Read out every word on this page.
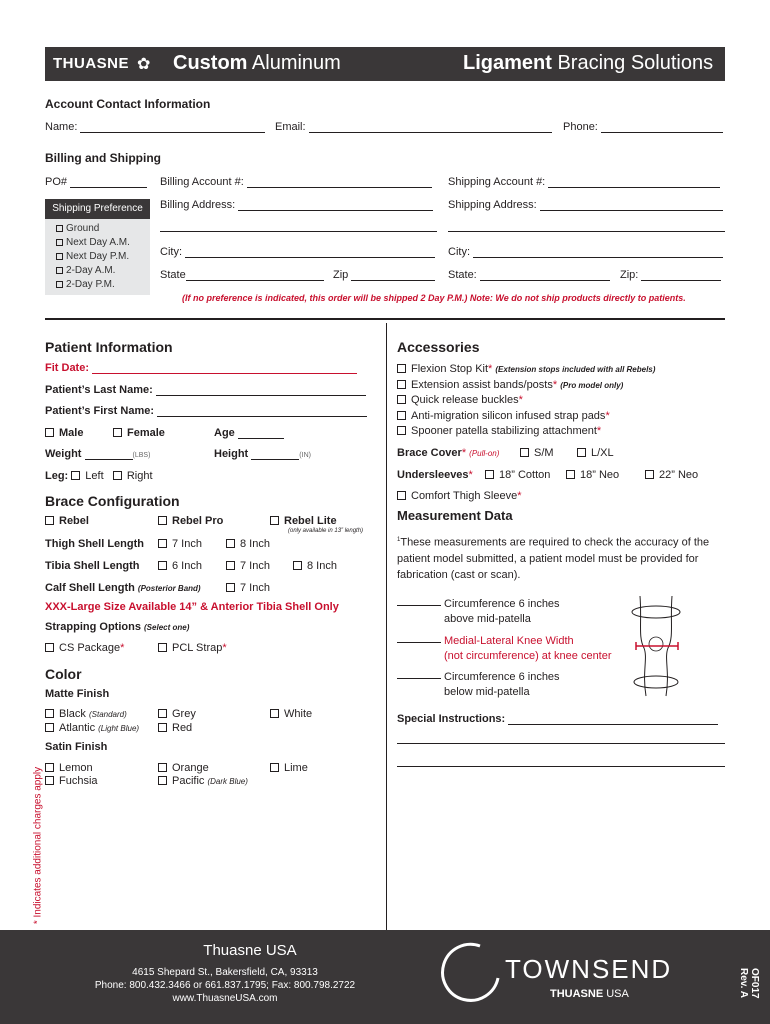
THUASNE ✿ Custom Aluminum	Ligament Bracing Solutions
Account Contact Information
Name:	Email:	Phone:
Billing and Shipping
PO#	Billing Account #:	Shipping Account #:
Billing Address:	Shipping Address:
City:	City:
State	Zip	State:	Zip:
Shipping Preference
Ground
Next Day A.M.
Next Day P.M.
2-Day A.M.
2-Day P.M.
(If no preference is indicated, this order will be shipped 2 Day P.M.) Note: We do not ship products directly to patients.
Patient Information
Fit Date:
Patient’s Last Name:
Patient’s First Name:
Male	Female	Age
Weight	(LBS)	Height	(IN)
Leg: Left Right
Brace Configuration
Rebel	Rebel Pro	Rebel Lite
(only available in 13” length)
Thigh Shell Length	7 Inch	8 Inch
Tibia Shell Length	6 Inch	7 Inch	8 Inch
Calf Shell Length (Posterior Band)	7 Inch
XXX-Large Size Available 14” & Anterior Tibia Shell Only
Strapping Options (Select one)
CS Package*	PCL Strap*
Color
Matte Finish
Black (Standard)	Grey	White
Atlantic (Light Blue)	Red
Satin Finish
Lemon	Orange	Lime
Fuchsia	Pacific (Dark Blue)
* Indicates additional charges apply
Accessories
Flexion Stop Kit* (Extension stops included with all Rebels)
Extension assist bands/posts* (Pro model only)
Quick release buckles*
Anti-migration silicon infused strap pads*
Spooner patella stabilizing attachment*
Brace Cover* (Pull-on)	S/M	L/XL
Undersleeves*	18” Cotton	18” Neo	22” Neo
Comfort Thigh Sleeve*
Measurement Data
$^1$These measurements are required to check the accuracy of the patient model submitted, a patient model must be provided for fabrication (cast or scan).
Circumference 6 inches
above mid-patella
Medial-Lateral Knee Width
(not circumference) at knee center
Circumference 6 inches
below mid-patella
Special Instructions:
Thuasne USA
4615 Shepard St., Bakersfield, CA, 93313
Phone: 800.432.3466 or 661.837.1795; Fax: 800.798.2722
www.ThuasneUSA.com
TOWNSEND
THUASNE USA	OF017 Rev. A
